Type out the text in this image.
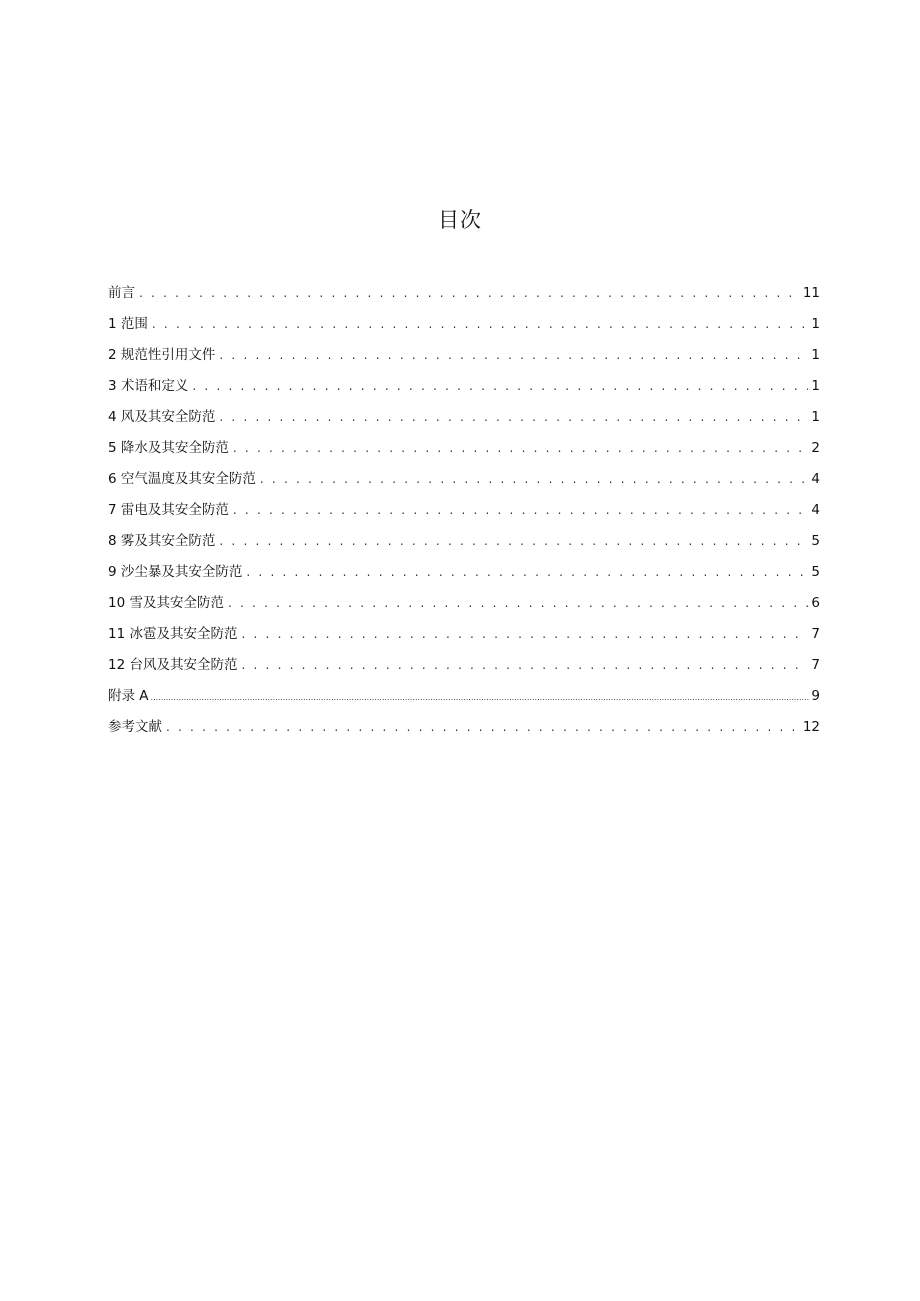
目次
前言 . . .	11
1 范围 . . .	1
2 规范性引用文件 . . .	1
3 术语和定义 . . .	1
4 风及其安全防范 . . .	1
5 降水及其安全防范 . . .	2
6 空气温度及其安全防范 . . .	4
7 雷电及其安全防范 . . .	4
8 雾及其安全防范 . . .	5
9 沙尘暴及其安全防范 . . .	5
10 雪及其安全防范 . . .	6
11 冰雹及其安全防范 . . .	7
12 台风及其安全防范 . . .	7
附录 A .....	9
参考文献 . . .	12
